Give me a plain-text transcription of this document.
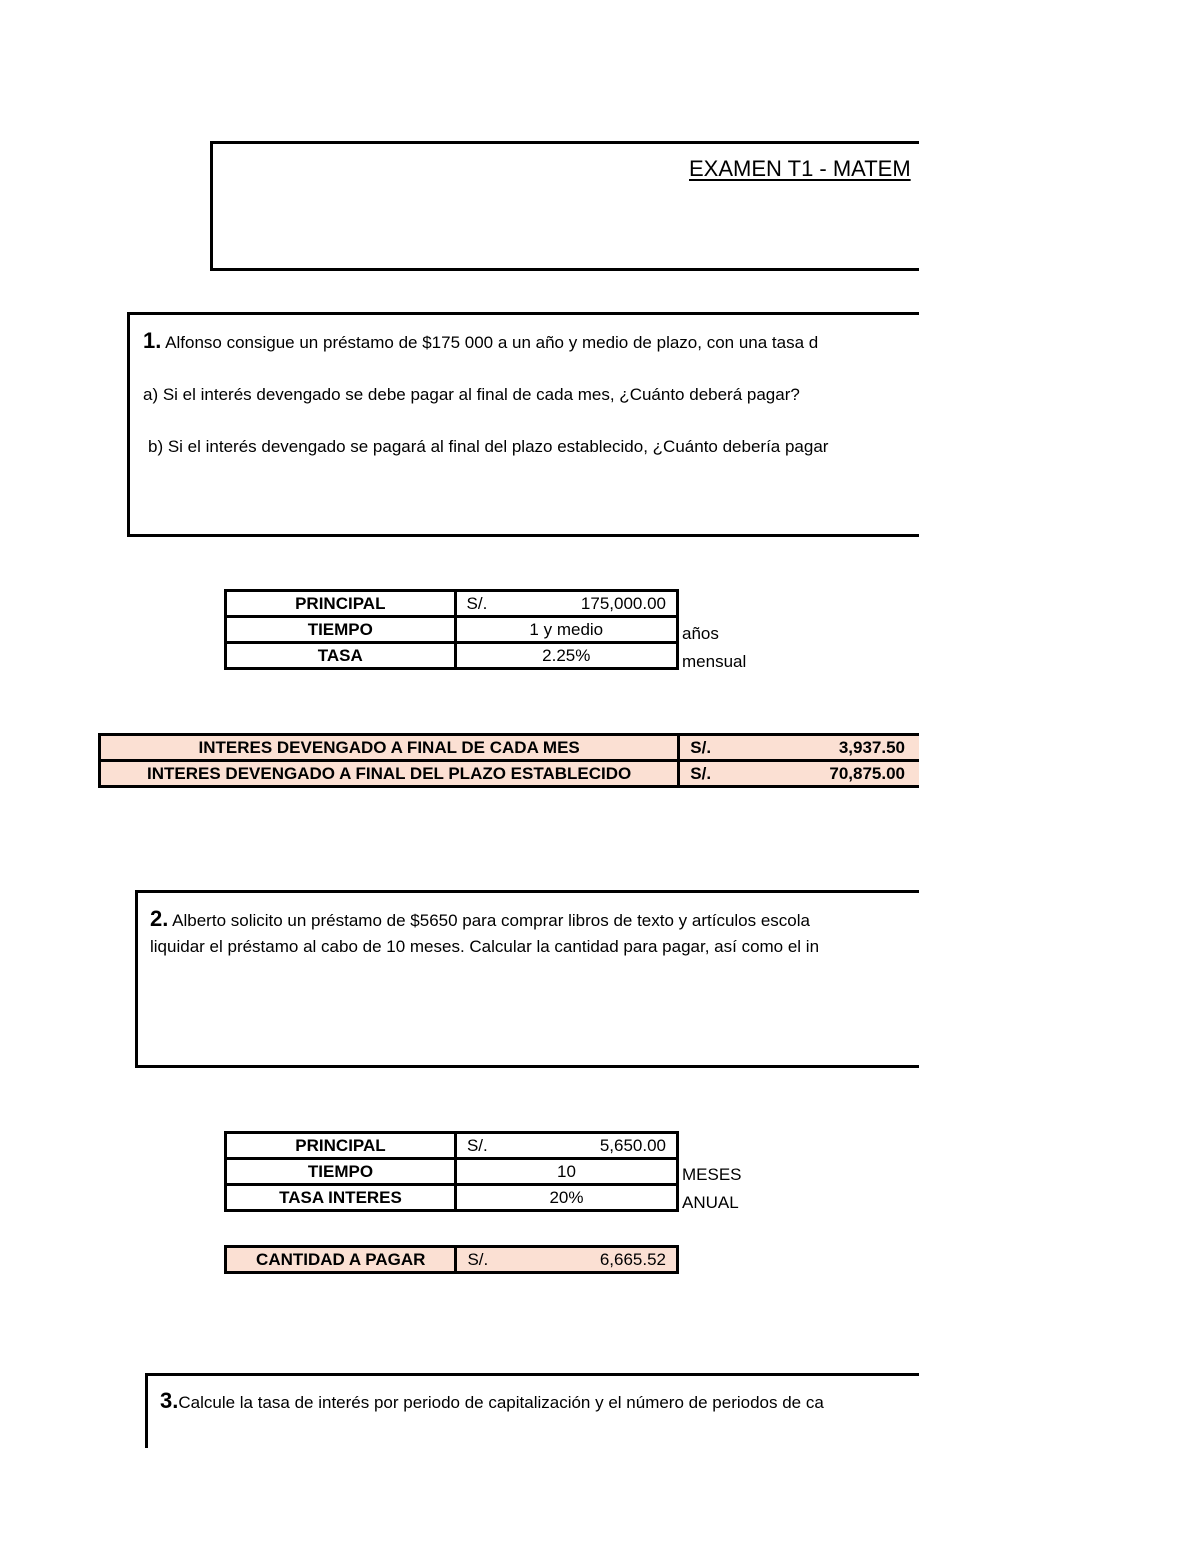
EXAMEN T1 - MATEM
1. Alfonso consigue un préstamo de $175 000 a un año y medio de plazo, con una tasa d
a) Si el interés devengado se debe pagar al final de cada mes, ¿Cuánto deberá pagar?
b) Si el interés devengado se pagará al final del plazo establecido, ¿Cuánto debería pagar
PRINCIPAL	S/. 175,000.00

TIEMPO	1 y medio
TASA	2.25%
años
mensual
INTERES DEVENGADO A FINAL DE CADA MES	S/. 3,937.50

INTERES DEVENGADO A FINAL DEL PLAZO ESTABLECIDO	S/. 70,875.00
2. Alberto solicito un préstamo de $5650 para comprar libros de texto y artículos escola
liquidar el préstamo al cabo de 10 meses. Calcular la cantidad para pagar, así como el in
PRINCIPAL	S/. 5,650.00

TIEMPO	10
TASA INTERES	20%
MESES
ANUAL
CANTIDAD A PAGAR	S/.	6,665.52
3.Calcule la tasa de interés por periodo de capitalización y el número de periodos de ca
